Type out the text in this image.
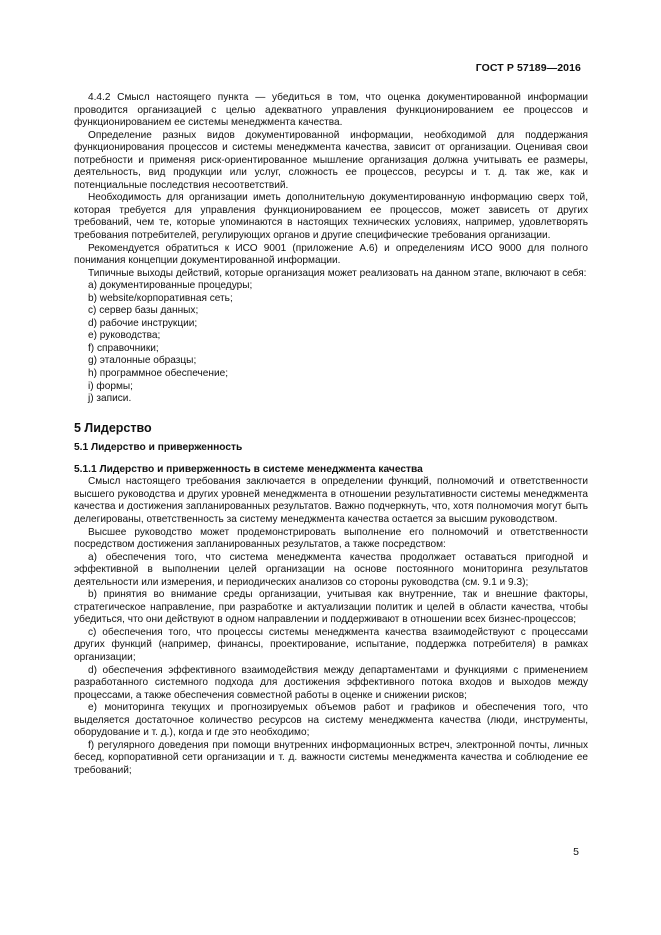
ГОСТ Р 57189—2016

4.4.2 Смысл настоящего пункта — убедиться в том, что оценка документированной информации проводится организацией с целью адекватного управления функционированием ее процессов и функционированием ее системы менеджмента качества.

Определение разных видов документированной информации, необходимой для поддержания функционирования процессов и системы менеджмента качества, зависит от организации. Оценивая свои потребности и применяя риск-ориентированное мышление организация должна учитывать ее размеры, деятельность, вид продукции или услуг, сложность ее процессов, ресурсы и т. д. так же, как и потенциальные последствия несоответствий.

Необходимость для организации иметь дополнительную документированную информацию сверх той, которая требуется для управления функционированием ее процессов, может зависеть от других требований, чем те, которые упоминаются в настоящих технических условиях, например, удовлетворять требования потребителей, регулирующих органов и другие специфические требования организации.

Рекомендуется обратиться к ИСО 9001 (приложение А.6) и определениям ИСО 9000 для полного понимания концепции документированной информации.

Типичные выходы действий, которые организация может реализовать на данном этапе, включают в себя:

a) документированные процедуры;

b) website/корпоративная сеть;

c) сервер базы данных;

d) рабочие инструкции;

e) руководства;

f) справочники;

g) эталонные образцы;

h) программное обеспечение;

i) формы;

j) записи.

5 Лидерство
5.1 Лидерство и приверженность
5.1.1 Лидерство и приверженность в системе менеджмента качества

Смысл настоящего требования заключается в определении функций, полномочий и ответственности высшего руководства и других уровней менеджмента в отношении результативности системы менеджмента качества и достижения запланированных результатов. Важно подчеркнуть, что, хотя полномочия могут быть делегированы, ответственность за систему менеджмента качества остается за высшим руководством.

Высшее руководство может продемонстрировать выполнение его полномочий и ответственности посредством достижения запланированных результатов, а также посредством:

a) обеспечения того, что система менеджмента качества продолжает оставаться пригодной и эффективной в выполнении целей организации на основе постоянного мониторинга результатов деятельности или измерения, и периодических анализов со стороны руководства (см. 9.1 и 9.3);

b) принятия во внимание среды организации, учитывая как внутренние, так и внешние факторы, стратегическое направление, при разработке и актуализации политик и целей в области качества, чтобы убедиться, что они действуют в одном направлении и поддерживают в отношении всех бизнес-процессов;

c) обеспечения того, что процессы системы менеджмента качества взаимодействуют с процессами других функций (например, финансы, проектирование, испытание, поддержка потребителя) в рамках организации;

d) обеспечения эффективного взаимодействия между департаментами и функциями с применением разработанного системного подхода для достижения эффективного потока входов и выходов между процессами, а также обеспечения совместной работы в оценке и снижении рисков;

e) мониторинга текущих и прогнозируемых объемов работ и графиков и обеспечения того, что выделяется достаточное количество ресурсов на систему менеджмента качества (люди, инструменты, оборудование и т. д.), когда и где это необходимо;

f) регулярного доведения при помощи внутренних информационных встреч, электронной почты, личных бесед, корпоративной сети организации и т. д. важности системы менеджмента качества и соблюдение ее требований;

5
